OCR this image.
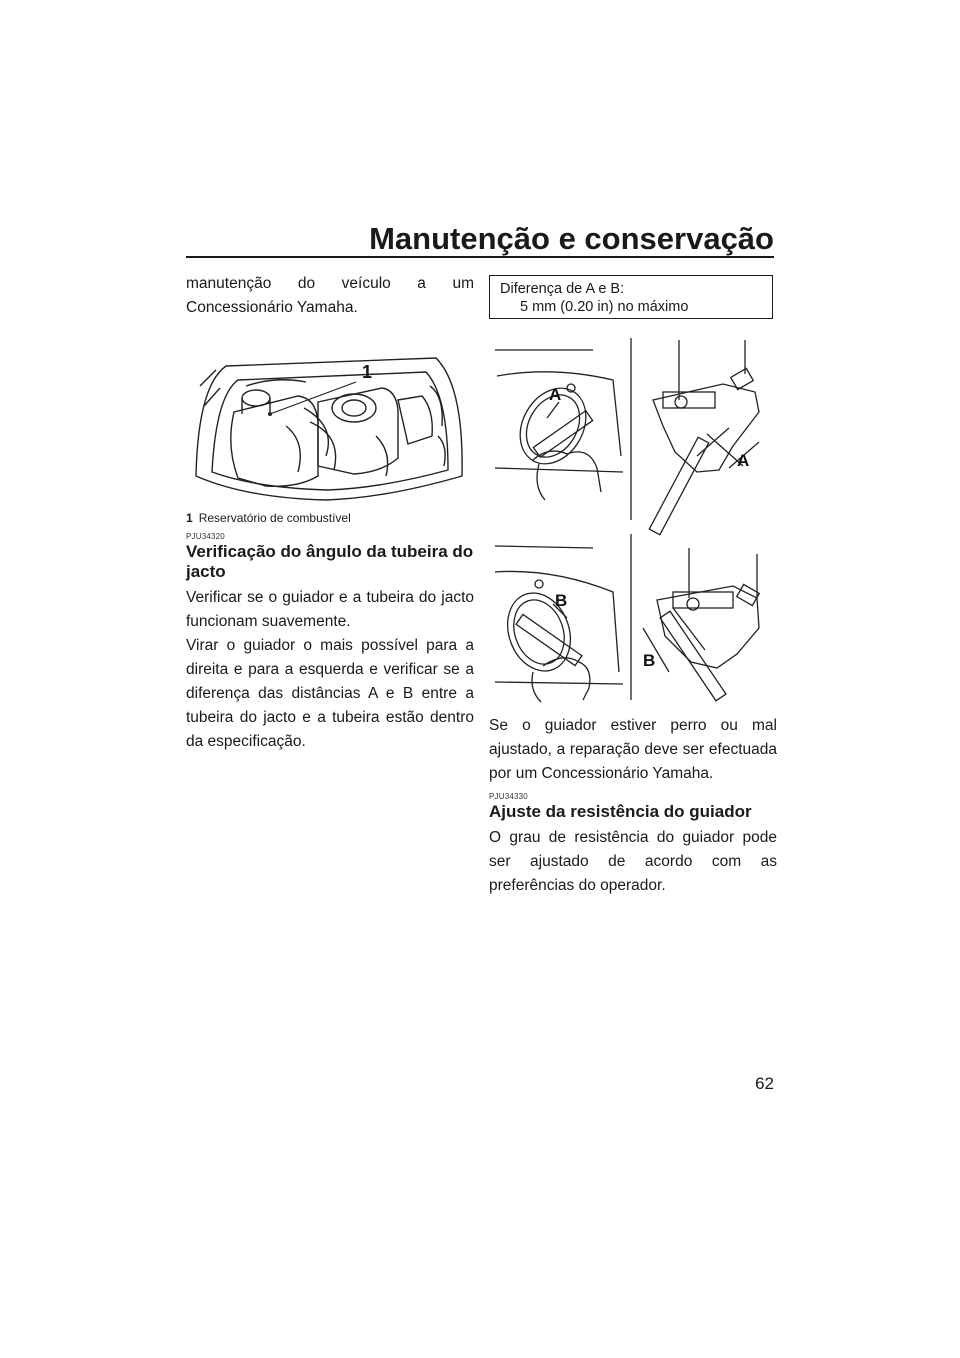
Manutenção e conservação

manutenção do veículo a um Concessionário Yamaha.

1
1 Reservatório de combustível
PJU34320
Verificação do ângulo da tubeira do jacto

Verificar se o guiador e a tubeira do jacto funcionam suavemente.

Virar o guiador o mais possível para a direita e para a esquerda e verificar se a diferença das distâncias A e B entre a tubeira do jacto e a tubeira estão dentro da especificação.

Diferença de A e B:
5 mm (0.20 in) no máximo
A
A
B
B

Se o guiador estiver perro ou mal ajustado, a reparação deve ser efectuada por um Concessionário Yamaha.

PJU34330
Ajuste da resistência do guiador

O grau de resistência do guiador pode ser ajustado de acordo com as preferências do operador.

62
